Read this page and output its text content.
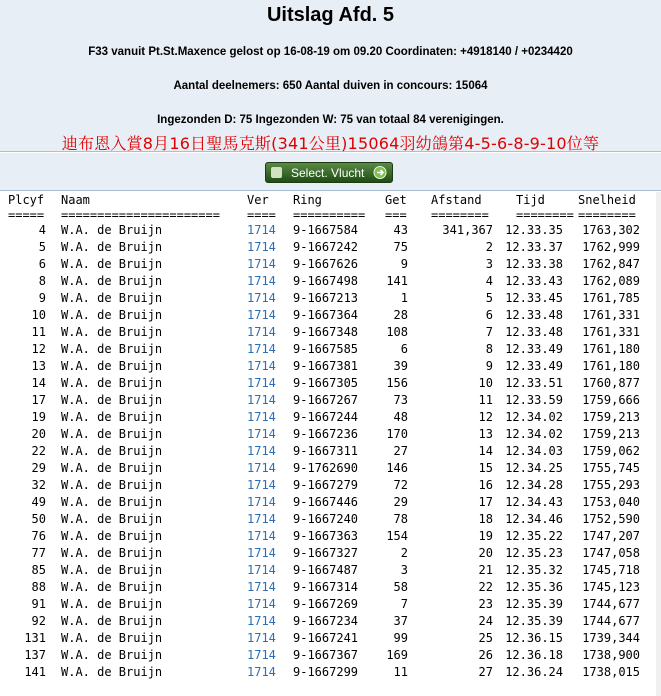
Uitslag Afd. 5
F33 vanuit Pt.St.Maxence gelost op 16-08-19 om 09.20 Coordinaten: +4918140 / +0234420
Aantal deelnemers: 650 Aantal duiven in concours: 15064
Ingezonden D: 75 Ingezonden W: 75 van totaal 84 verenigingen.
迪布恩入賞8月16日聖馬克斯(341公里)15064羽幼鴿第4-5-6-8-9-10位等
Select. Vlucht
Plcyf	Naam	Ver Ring	Get	Afstand	Tijd	Snelheid
=====	====================== ==== ========== ===	========	======== ========
4 W.A. de Bruijn	1714 9-1667584	43	341,367	12.33.35	1763,302
5 W.A. de Bruijn	1714 9-1667242	75	2	12.33.37	1762,999
6 W.A. de Bruijn	1714 9-1667626	9	3	12.33.38	1762,847
8 W.A. de Bruijn	1714 9-1667498	141	4	12.33.43	1762,089
9 W.A. de Bruijn	1714 9-1667213	1	5	12.33.45	1761,785
10 W.A. de Bruijn	1714 9-1667364	28	6	12.33.48	1761,331
11 W.A. de Bruijn	1714 9-1667348	108	7	12.33.48	1761,331
12 W.A. de Bruijn	1714 9-1667585	6	8	12.33.49	1761,180
13 W.A. de Bruijn	1714 9-1667381	39	9	12.33.49	1761,180
14 W.A. de Bruijn	1714 9-1667305	156	10	12.33.51	1760,877
17 W.A. de Bruijn	1714 9-1667267	73	11	12.33.59	1759,666
19 W.A. de Bruijn	1714 9-1667244	48	12	12.34.02	1759,213
20 W.A. de Bruijn	1714 9-1667236	170	13	12.34.02	1759,213
22 W.A. de Bruijn	1714 9-1667311	27	14	12.34.03	1759,062
29 W.A. de Bruijn	1714 9-1762690	146	15	12.34.25	1755,745
32 W.A. de Bruijn	1714 9-1667279	72	16	12.34.28	1755,293
49 W.A. de Bruijn	1714 9-1667446	29	17	12.34.43	1753,040
50 W.A. de Bruijn	1714 9-1667240	78	18	12.34.46	1752,590
76 W.A. de Bruijn	1714 9-1667363	154	19	12.35.22	1747,207
77 W.A. de Bruijn	1714 9-1667327	2	20	12.35.23	1747,058
85 W.A. de Bruijn	1714 9-1667487	3	21	12.35.32	1745,718
88 W.A. de Bruijn	1714 9-1667314	58	22	12.35.36	1745,123
91 W.A. de Bruijn	1714 9-1667269	7	23	12.35.39	1744,677
92 W.A. de Bruijn	1714 9-1667234	37	24	12.35.39	1744,677
131 W.A. de Bruijn	1714 9-1667241	99	25	12.36.15	1739,344
137 W.A. de Bruijn	1714 9-1667367	169	26	12.36.18	1738,900
141 W.A. de Bruijn	1714 9-1667299	11	27	12.36.24	1738,015
